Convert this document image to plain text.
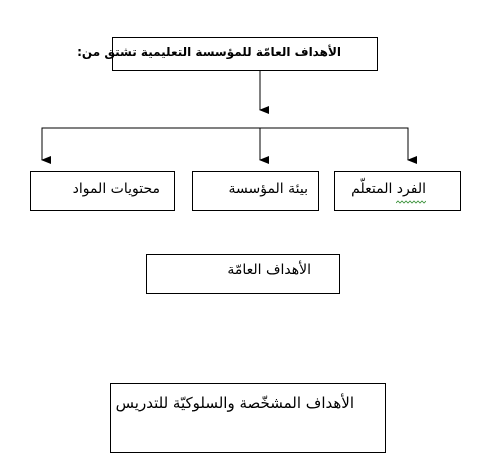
الأهداف العامّة للمؤسسة التعليمية تشتق من:
الفرد المتعلّم
بيئة المؤسسة
محتويات المواد
الأهداف العامّة
الأهداف المشخّصة والسلوكيّة للتدريس
